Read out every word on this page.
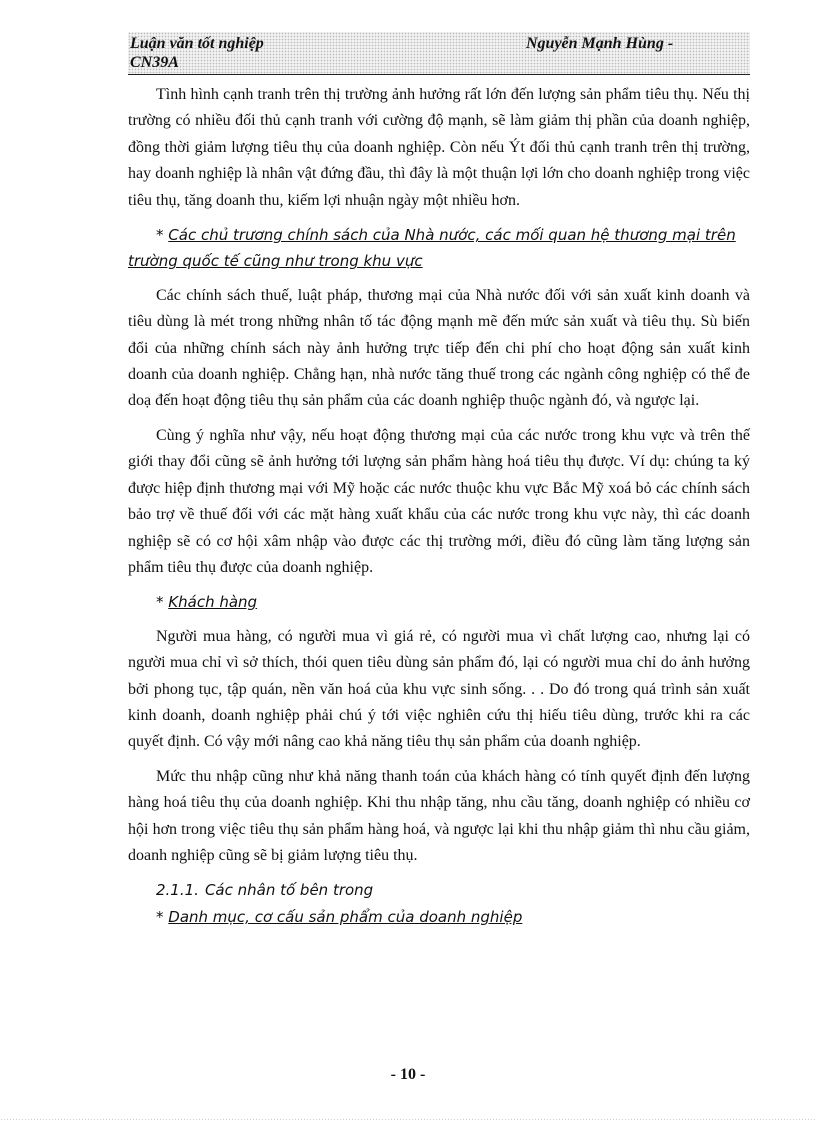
Luận văn tốt nghiệp	Nguyễn Mạnh Hùng -
CN39A

Tình hình cạnh tranh trên thị trường ảnh hưởng rất lớn đến lượng sản phẩm tiêu thụ. Nếu thị trường có nhiều đối thủ cạnh tranh với cường độ mạnh, sẽ làm giảm thị phần của doanh nghiệp, đồng thời giảm lượng tiêu thụ của doanh nghiệp. Còn nếu Ýt đối thủ cạnh tranh trên thị trường, hay doanh nghiệp là nhân vật đứng đầu, thì đây là một thuận lợi lớn cho doanh nghiệp trong việc tiêu thụ, tăng doanh thu, kiếm lợi nhuận ngày một nhiều hơn.

* Các chủ trương chính sách của Nhà nước, các mối quan hệ thương mại trên trường quốc tế cũng như trong khu vực

Các chính sách thuế, luật pháp, thương mại của Nhà nước đối với sản xuất kinh doanh và tiêu dùng là mét trong những nhân tố tác động mạnh mẽ đến mức sản xuất và tiêu thụ. Sù biến đổi của những chính sách này ảnh hưởng trực tiếp đến chi phí cho hoạt động sản xuất kinh doanh của doanh nghiệp. Chẳng hạn, nhà nước tăng thuế trong các ngành công nghiệp có thể đe doạ đến hoạt động tiêu thụ sản phẩm của các doanh nghiệp thuộc ngành đó, và ngược lại.

Cùng ý nghĩa như vậy, nếu hoạt động thương mại của các nước trong khu vực và trên thế giới thay đổi cũng sẽ ảnh hưởng tới lượng sản phẩm hàng hoá tiêu thụ được. Ví dụ: chúng ta ký được hiệp định thương mại với Mỹ hoặc các nước thuộc khu vực Bắc Mỹ xoá bỏ các chính sách bảo trợ về thuế đối với các mặt hàng xuất khẩu của các nước trong khu vực này, thì các doanh nghiệp sẽ có cơ hội xâm nhập vào được các thị trường mới, điều đó cũng làm tăng lượng sản phẩm tiêu thụ được của doanh nghiệp.

* Khách hàng

Người mua hàng, có người mua vì giá rẻ, có người mua vì chất lượng cao, nhưng lại có người mua chỉ vì sở thích, thói quen tiêu dùng sản phẩm đó, lại có người mua chỉ do ảnh hưởng bởi phong tục, tập quán, nền văn hoá của khu vực sinh sống. . . Do đó trong quá trình sản xuất kinh doanh, doanh nghiệp phải chú ý tới việc nghiên cứu thị hiếu tiêu dùng, trước khi ra các quyết định. Có vậy mới nâng cao khả năng tiêu thụ sản phẩm của doanh nghiệp.

Mức thu nhập cũng như khả năng thanh toán của khách hàng có tính quyết định đến lượng hàng hoá tiêu thụ của doanh nghiệp. Khi thu nhập tăng, nhu cầu tăng, doanh nghiệp có nhiều cơ hội hơn trong việc tiêu thụ sản phẩm hàng hoá, và ngược lại khi thu nhập giảm thì nhu cầu giảm, doanh nghiệp cũng sẽ bị giảm lượng tiêu thụ.

2.1.1. Các nhân tố bên trong

* Danh mục, cơ cấu sản phẩm của doanh nghiệp

- 10 -
